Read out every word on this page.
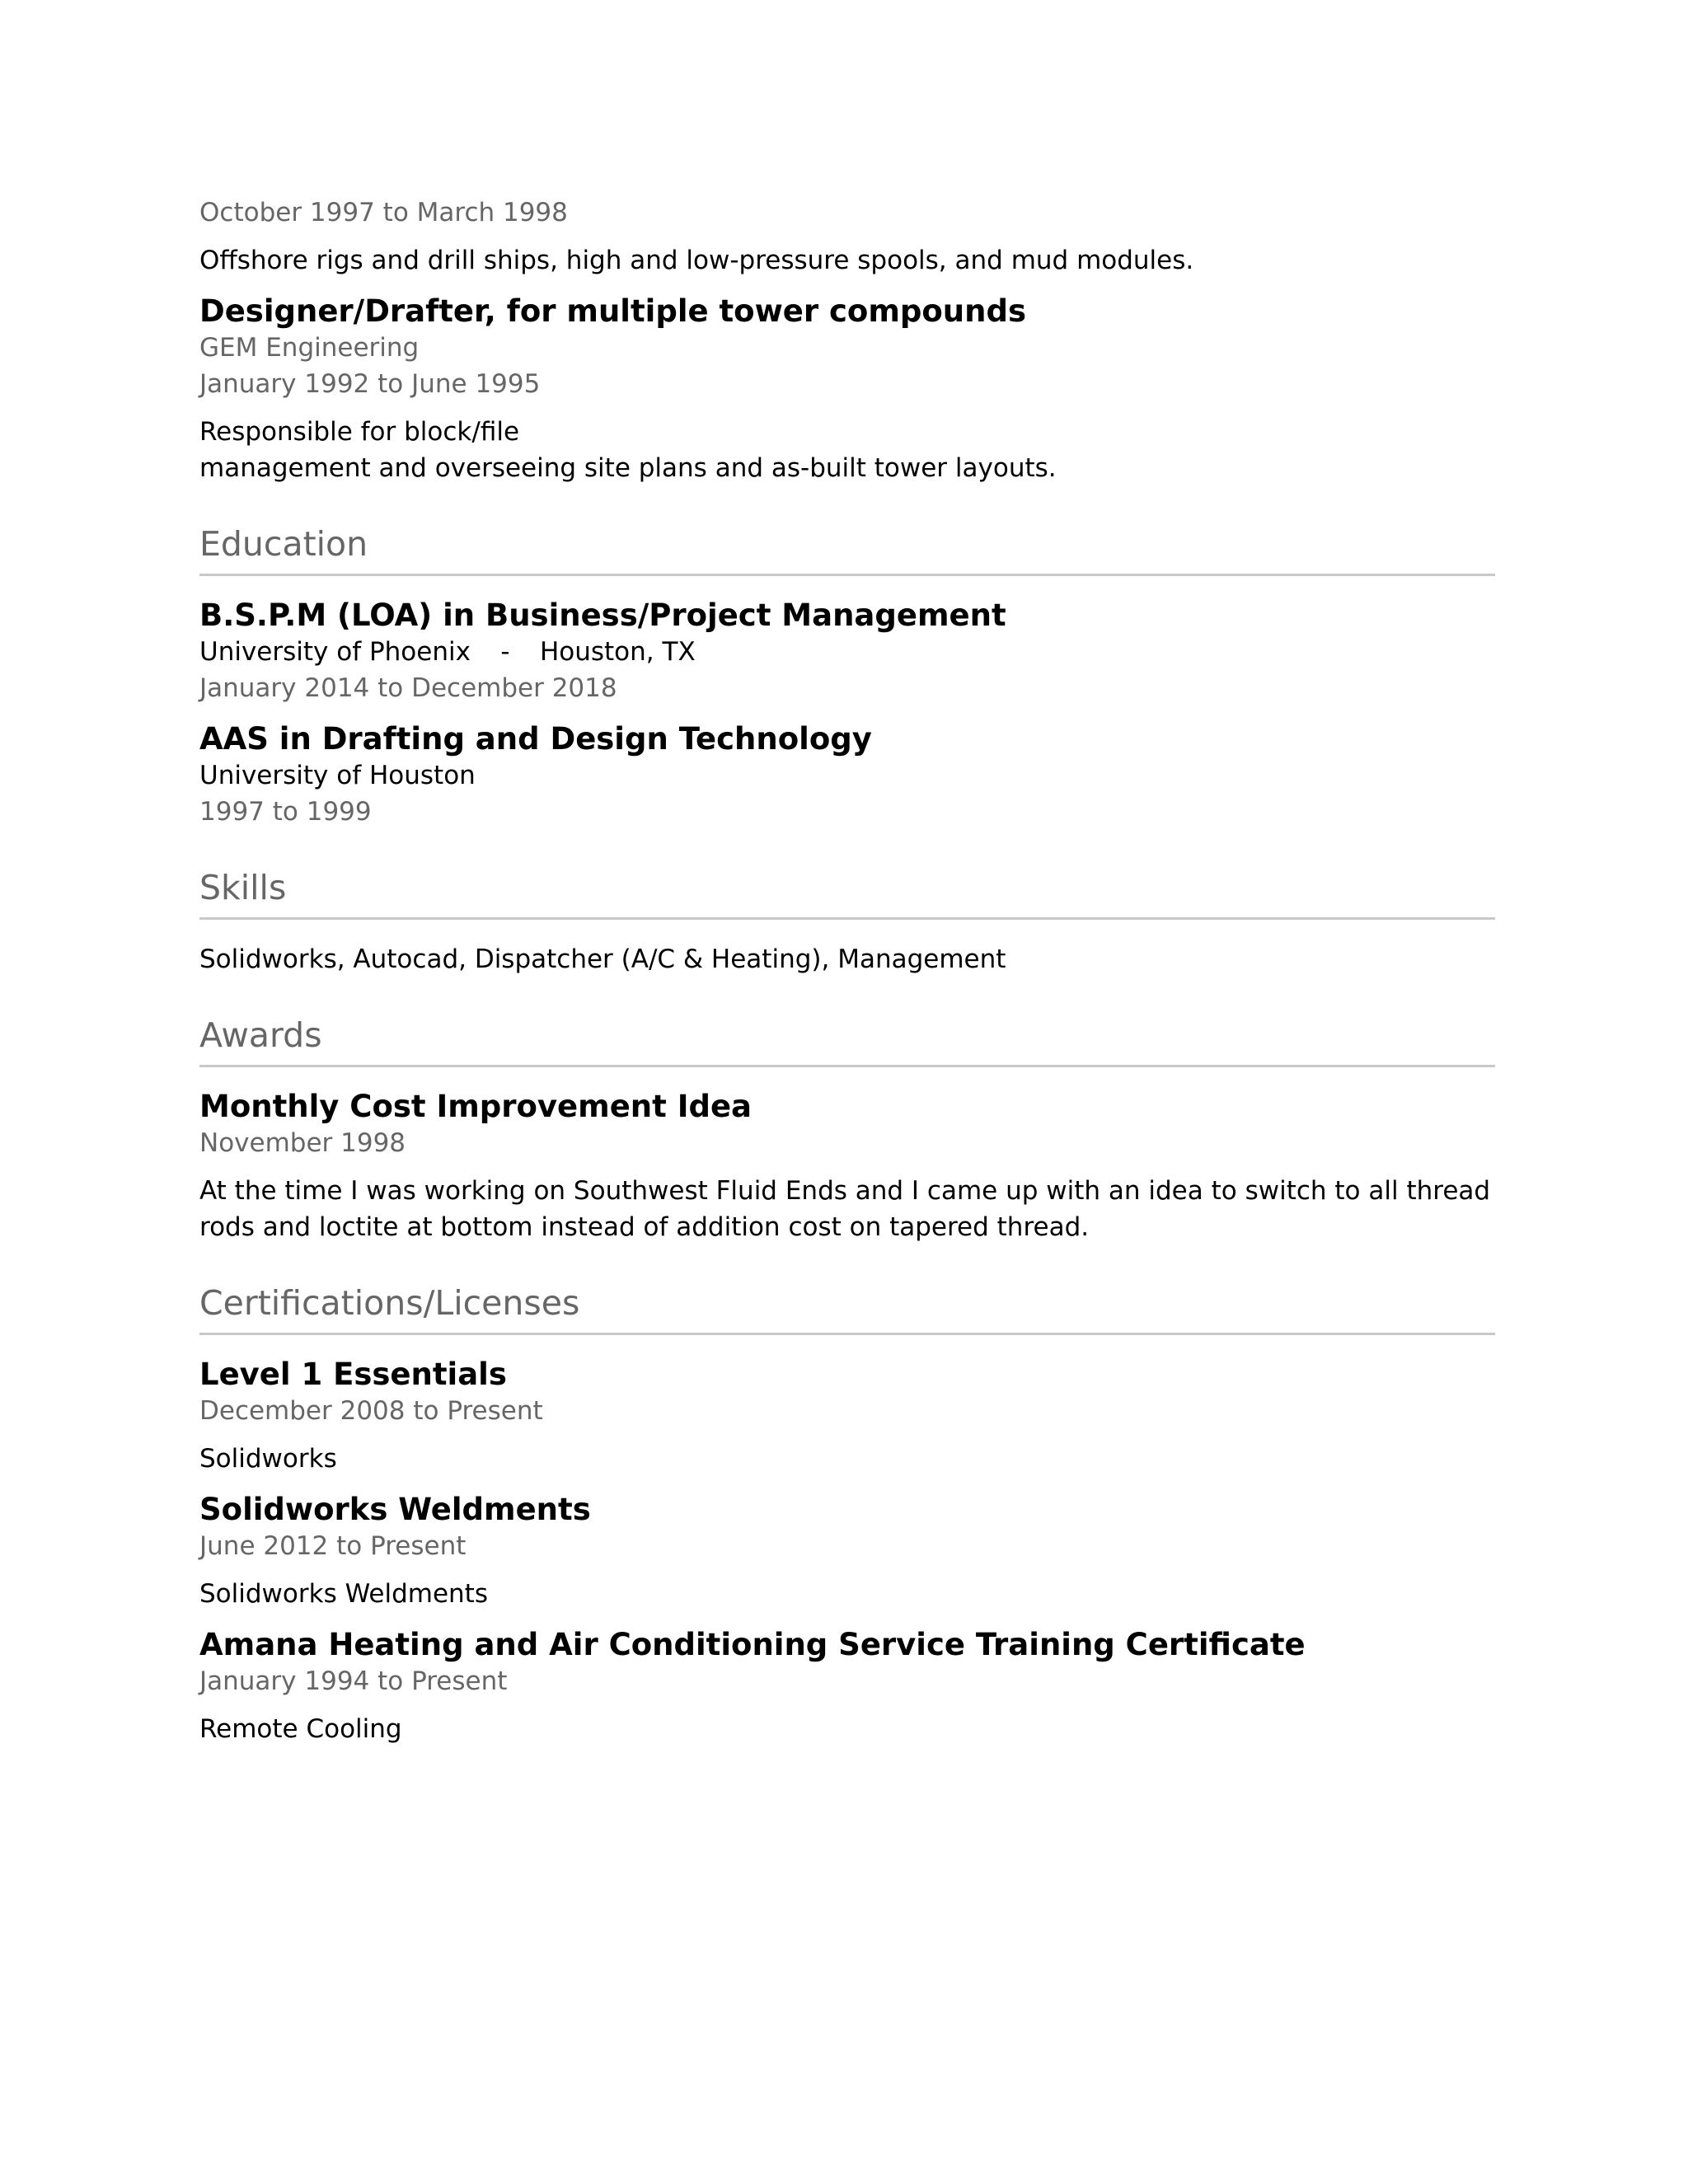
October 1997 to March 1998

Offshore rigs and drill ships, high and low-pressure spools, and mud modules.

Designer/Drafter, for multiple tower compounds

GEM Engineering

January 1992 to June 1995

Responsible for block/file

management and overseeing site plans and as-built tower layouts.

Education

B.S.P.M (LOA) in Business/Project Management

University of Phoenix - Houston, TX

January 2014 to December 2018

AAS in Drafting and Design Technology

University of Houston

1997 to 1999

Skills

Solidworks, Autocad, Dispatcher (A/C & Heating), Management

Awards

Monthly Cost Improvement Idea

November 1998

At the time I was working on Southwest Fluid Ends and I came up with an idea to switch to all thread

rods and loctite at bottom instead of addition cost on tapered thread.

Certifications/Licenses

Level 1 Essentials

December 2008 to Present

Solidworks

Solidworks Weldments

June 2012 to Present

Solidworks Weldments

Amana Heating and Air Conditioning Service Training Certificate

January 1994 to Present

Remote Cooling
